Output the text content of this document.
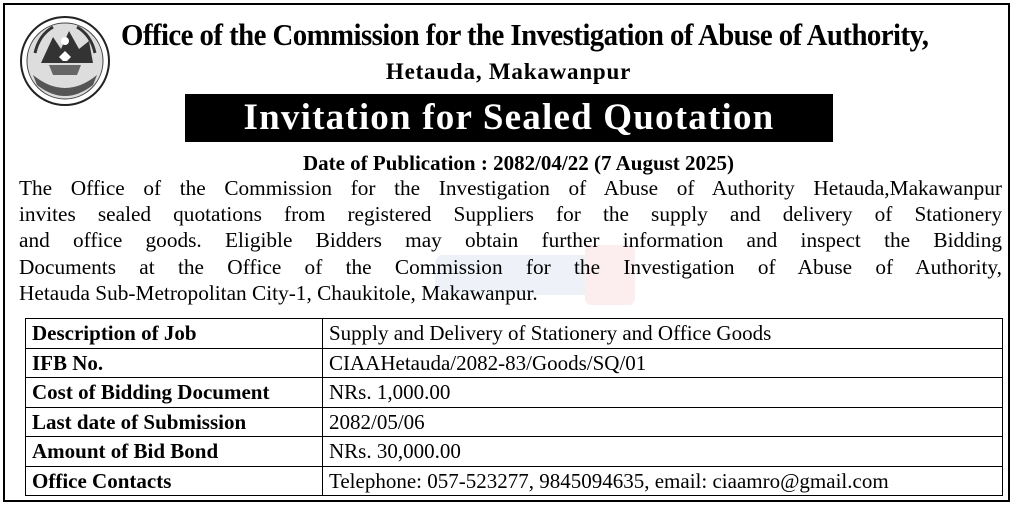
Office of the Commission for the Investigation of Abuse of Authority,
Hetauda, Makawanpur
Invitation for Sealed Quotation
Date of Publication : 2082/04/22 (7 August 2025)
The Office of the Commission for the Investigation of Abuse of Authority Hetauda,Makawanpur
invites sealed quotations from registered Suppliers for the supply and delivery of Stationery
and office goods. Eligible Bidders may obtain further information and inspect the Bidding
Documents at the Office of the Commission for the Investigation of Abuse of Authority,
Hetauda Sub-Metropolitan City-1, Chaukitole, Makawanpur.
Description of Job	Supply and Delivery of Stationery and Office Goods
IFB No.	CIAAHetauda/2082-83/Goods/SQ/01
Cost of Bidding Document	NRs. 1,000.00
Last date of Submission	2082/05/06
Amount of Bid Bond	NRs. 30,000.00
Office Contacts	Telephone: 057-523277, 9845094635, email: ciaamro@gmail.com
